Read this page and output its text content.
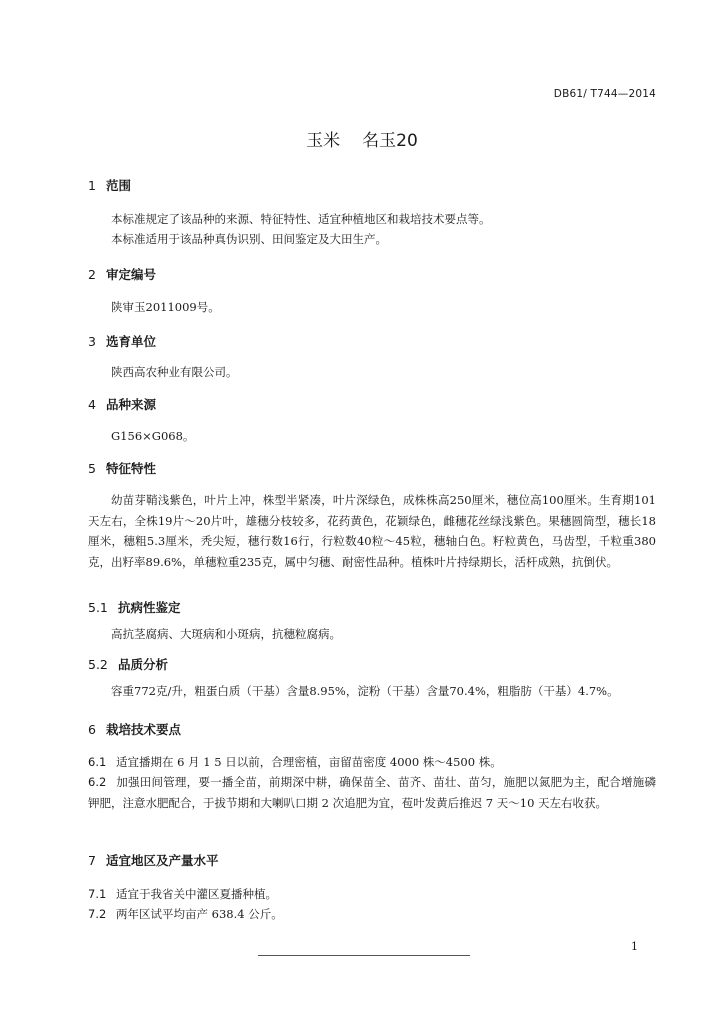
DB61/ T744—2014
玉米 名玉20
1 范围
本标准规定了该品种的来源、特征特性、适宜种植地区和栽培技术要点等。
本标准适用于该品种真伪识别、田间鉴定及大田生产。
2 审定编号
陕审玉2011009号。
3 选育单位
陕西高农种业有限公司。
4 品种来源
G156×G068。
5 特征特性
幼苗芽鞘浅紫色，叶片上冲，株型半紧凑，叶片深绿色，成株株高250厘米，穗位高100厘米。生育期101天左右，全株19片～20片叶，雄穗分枝较多，花药黄色，花颖绿色，雌穗花丝绿浅紫色。果穗圆筒型，穗长18厘米，穗粗5.3厘米，秃尖短，穗行数16行，行粒数40粒～45粒，穗轴白色。籽粒黄色，马齿型，千粒重380克，出籽率89.6%，单穗粒重235克，属中匀穗、耐密性品种。植株叶片持绿期长，活杆成熟，抗倒伏。
5.1 抗病性鉴定
高抗茎腐病、大斑病和小斑病，抗穗粒腐病。
5.2 品质分析
容重772克/升，粗蛋白质（干基）含量8.95%，淀粉（干基）含量70.4%，粗脂肪（干基）4.7%。
6 栽培技术要点
6.1 适宜播期在 6 月 1 5 日以前，合理密植，亩留苗密度 4000 株～4500 株。
6.2 加强田间管理，要一播全苗，前期深中耕，确保苗全、苗齐、苗壮、苗匀，施肥以氮肥为主，配合增施磷钾肥，注意水肥配合，于拔节期和大喇叭口期 2 次追肥为宜，苞叶发黄后推迟 7 天～10 天左右收获。
7 适宜地区及产量水平
7.1 适宜于我省关中灌区夏播种植。
7.2 两年区试平均亩产 638.4 公斤。
1
